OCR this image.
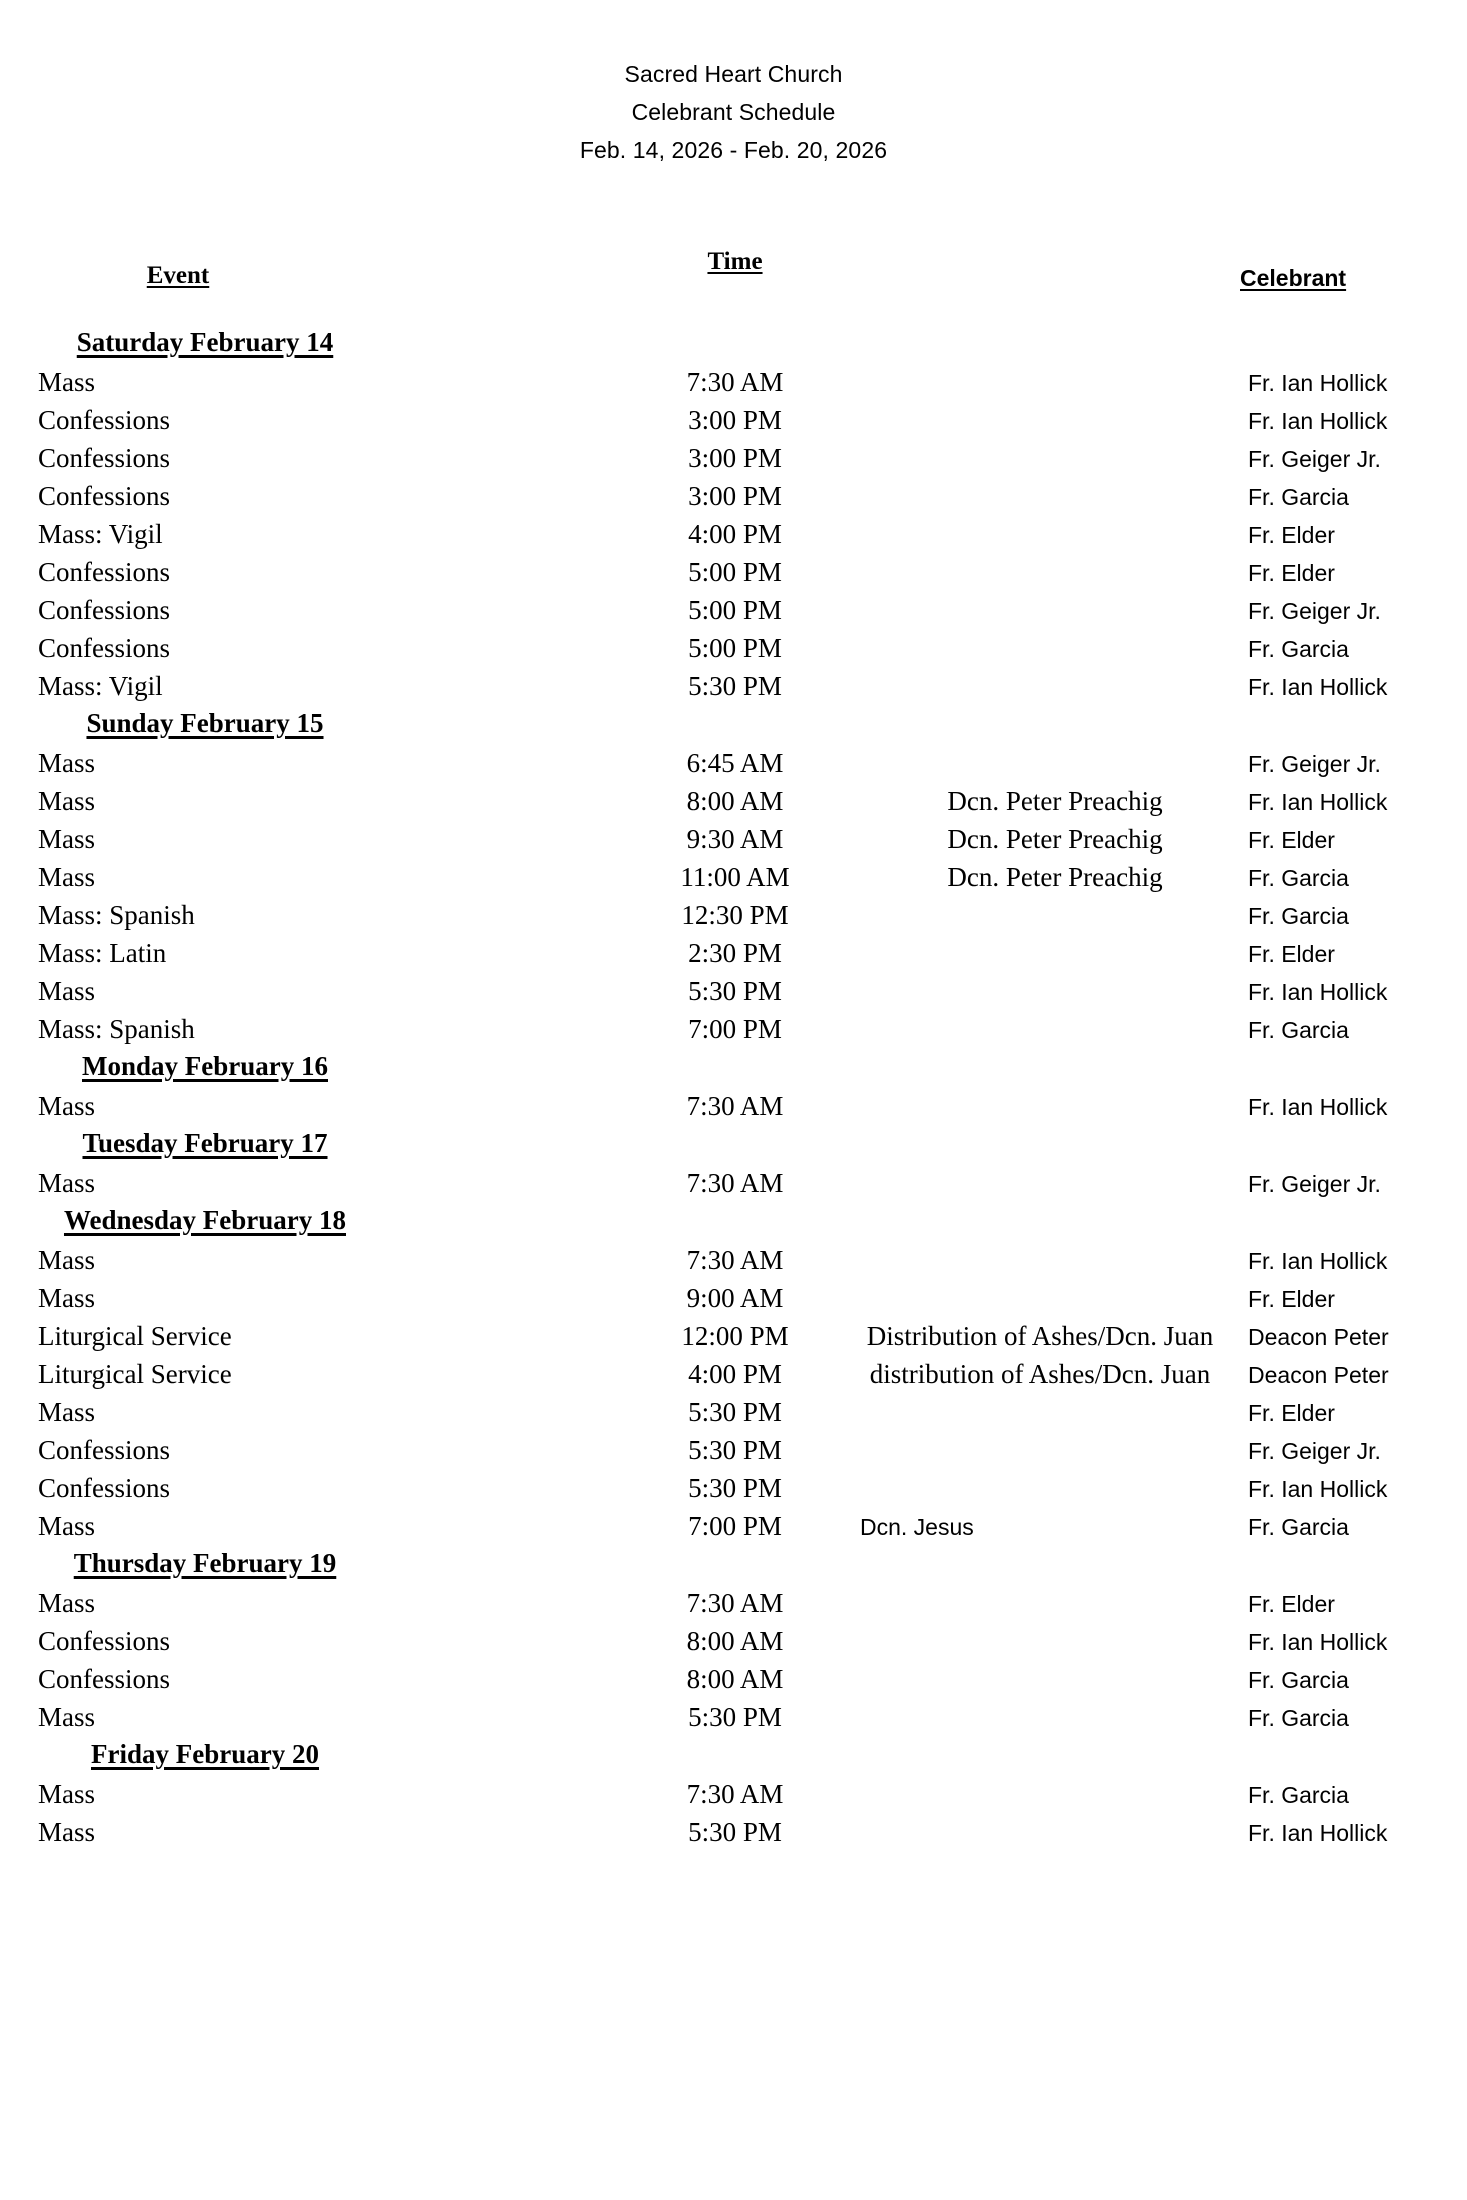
Sacred Heart Church
Celebrant Schedule
Feb. 14, 2026 - Feb. 20, 2026
Event
Time
Celebrant
Saturday February 14
Mass	7:30 AM	Fr. Ian Hollick
Confessions	3:00 PM	Fr. Ian Hollick
Confessions	3:00 PM	Fr. Geiger Jr.
Confessions	3:00 PM	Fr. Garcia
Mass: Vigil	4:00 PM	Fr. Elder
Confessions	5:00 PM	Fr. Elder
Confessions	5:00 PM	Fr. Geiger Jr.
Confessions	5:00 PM	Fr. Garcia
Mass: Vigil	5:30 PM	Fr. Ian Hollick
Sunday February 15
Mass	6:45 AM	Fr. Geiger Jr.
Mass	8:00 AM	Dcn. Peter Preachig	Fr. Ian Hollick
Mass	9:30 AM	Dcn. Peter Preachig	Fr. Elder
Mass	11:00 AM	Dcn. Peter Preachig	Fr. Garcia
Mass: Spanish	12:30 PM	Fr. Garcia
Mass: Latin	2:30 PM	Fr. Elder
Mass	5:30 PM	Fr. Ian Hollick
Mass: Spanish	7:00 PM	Fr. Garcia
Monday February 16
Mass	7:30 AM	Fr. Ian Hollick
Tuesday February 17
Mass	7:30 AM	Fr. Geiger Jr.
Wednesday February 18
Mass	7:30 AM	Fr. Ian Hollick
Mass	9:00 AM	Fr. Elder
Liturgical Service	12:00 PM	Distribution of Ashes/Dcn. Juan	Deacon Peter
Liturgical Service	4:00 PM	distribution of Ashes/Dcn. Juan	Deacon Peter
Mass	5:30 PM	Fr. Elder
Confessions	5:30 PM	Fr. Geiger Jr.
Confessions	5:30 PM	Fr. Ian Hollick
Mass	7:00 PM	Dcn. Jesus	Fr. Garcia
Thursday February 19
Mass	7:30 AM	Fr. Elder
Confessions	8:00 AM	Fr. Ian Hollick
Confessions	8:00 AM	Fr. Garcia
Mass	5:30 PM	Fr. Garcia
Friday February 20
Mass	7:30 AM	Fr. Garcia
Mass	5:30 PM	Fr. Ian Hollick
